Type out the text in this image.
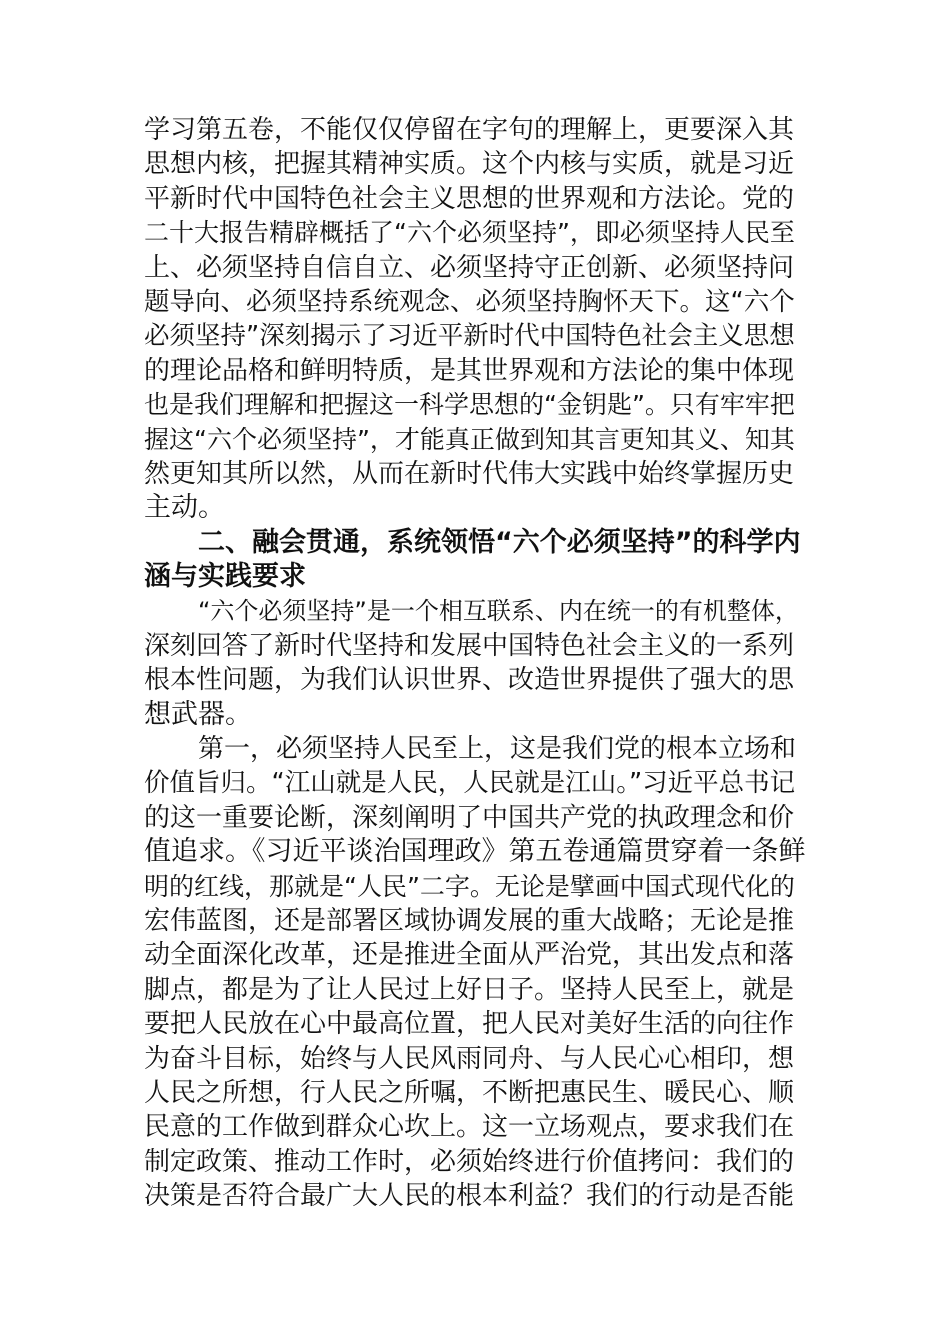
学习第五卷，不能仅仅停留在字句的理解上，更要深入其
思想内核，把握其精神实质。这个内核与实质，就是习近
平新时代中国特色社会主义思想的世界观和方法论。党的
二十大报告精辟概括了“六个必须坚持”，即必须坚持人民至
上、必须坚持自信自立、必须坚持守正创新、必须坚持问
题导向、必须坚持系统观念、必须坚持胸怀天下。这“六个
必须坚持”深刻揭示了习近平新时代中国特色社会主义思想
的理论品格和鲜明特质，是其世界观和方法论的集中体现
也是我们理解和把握这一科学思想的“金钥匙”。只有牢牢把
握这“六个必须坚持”，才能真正做到知其言更知其义、知其
然更知其所以然，从而在新时代伟大实践中始终掌握历史
主动。
二、融会贯通，系统领悟“六个必须坚持”的科学内
涵与实践要求
“六个必须坚持”是一个相互联系、内在统一的有机整体，
深刻回答了新时代坚持和发展中国特色社会主义的一系列
根本性问题，为我们认识世界、改造世界提供了强大的思
想武器。
第一，必须坚持人民至上，这是我们党的根本立场和
价值旨归。“江山就是人民，人民就是江山。”习近平总书记
的这一重要论断，深刻阐明了中国共产党的执政理念和价
值追求。《习近平谈治国理政》第五卷通篇贯穿着一条鲜
明的红线，那就是“人民”二字。无论是擘画中国式现代化的
宏伟蓝图，还是部署区域协调发展的重大战略；无论是推
动全面深化改革，还是推进全面从严治党，其出发点和落
脚点，都是为了让人民过上好日子。坚持人民至上，就是
要把人民放在心中最高位置，把人民对美好生活的向往作
为奋斗目标，始终与人民风雨同舟、与人民心心相印，想
人民之所想，行人民之所嘱，不断把惠民生、暖民心、顺
民意的工作做到群众心坎上。这一立场观点，要求我们在
制定政策、推动工作时，必须始终进行价值拷问：我们的
决策是否符合最广大人民的根本利益？我们的行动是否能
